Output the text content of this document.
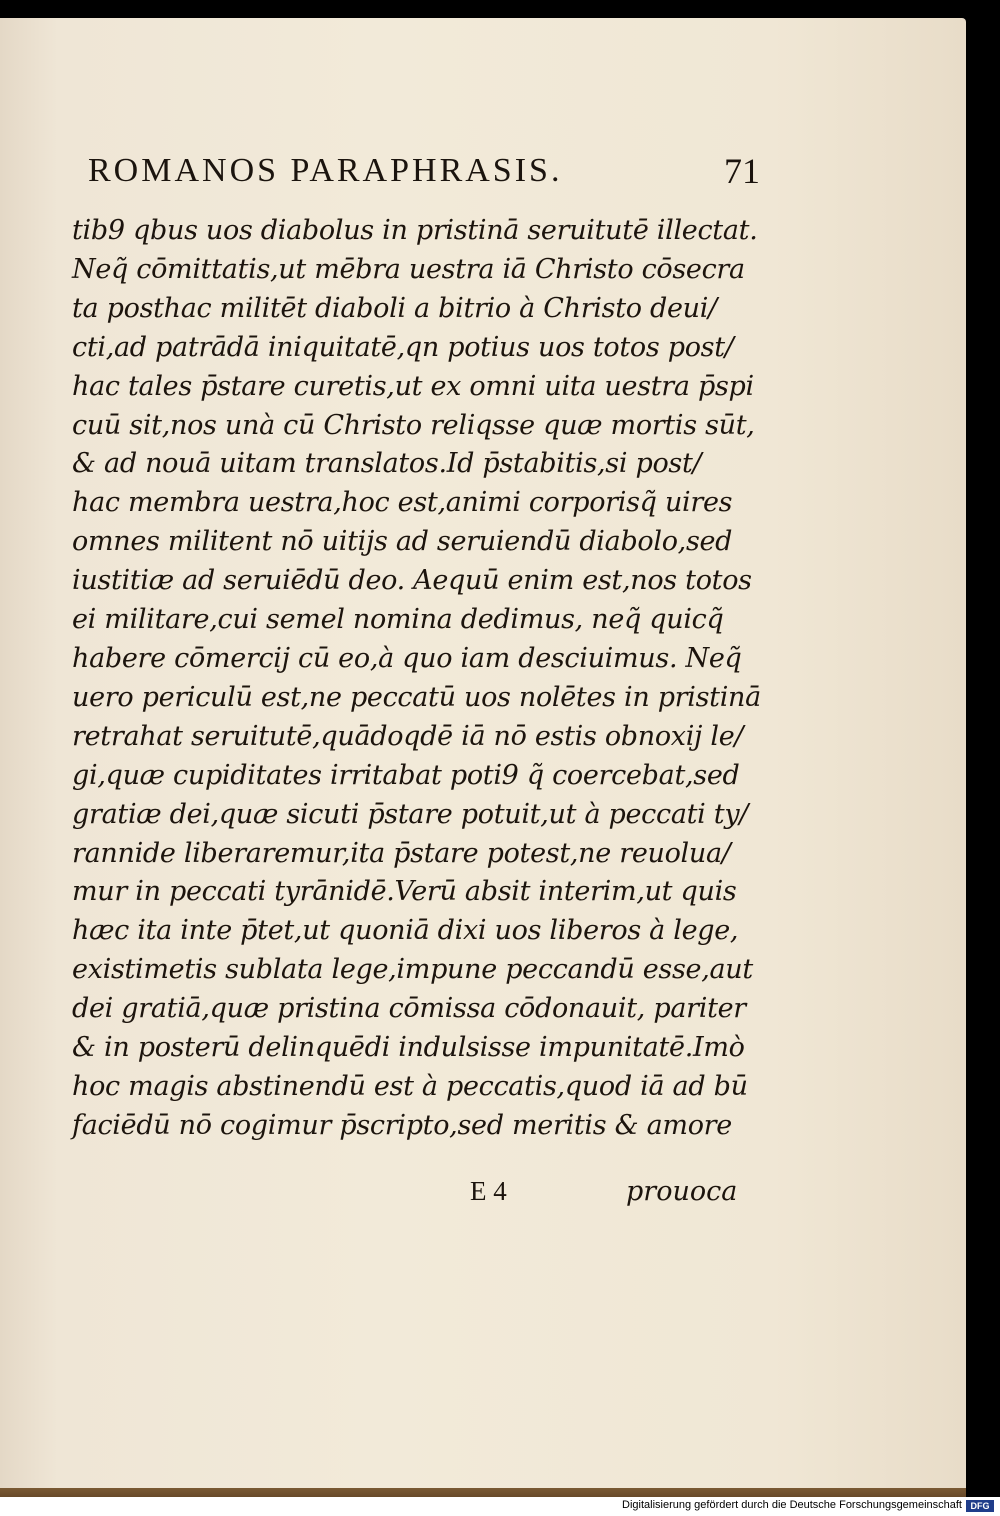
ROMANOS PARAPHRASIS.	71
tib9 qbus uos diabolus in pristinā seruitutē illectat.
Neq̃ cōmittatis,ut mēbra uestra iā Christo cōsecra
ta posthac militēt diaboli a bitrio à Christo deui/
cti,ad patrādā iniquitatē,qn potius uos totos post/
hac tales p̄stare curetis,ut ex omni uita uestra p̄spi
cuū sit,nos unà cū Christo reliqsse quæ mortis sūt,
& ad nouā uitam translatos.Id p̄stabitis,si post/
hac membra uestra,hoc est,animi corporisq̃ uires
omnes militent nō uitijs ad seruiendū diabolo,sed
iustitiæ ad seruiēdū deo. Aequū enim est,nos totos
ei militare,cui semel nomina dedimus, neq̃ quicq̃
habere cōmercij cū eo,à quo iam desciuimus. Neq̃
uero periculū est,ne peccatū uos nolētes in pristinā
retrahat seruitutē,quādoqdē iā nō estis obnoxij le/
gi,quæ cupiditates irritabat poti9 q̃ coercebat,sed
gratiæ dei,quæ sicuti p̄stare potuit,ut à peccati ty/
rannide liberaremur,ita p̄stare potest,ne reuolua/
mur in peccati tyrānidē.Verū absit interim,ut quis
hæc ita inte p̄tet,ut quoniā dixi uos liberos à lege,
existimetis sublata lege,impune peccandū esse,aut
dei gratiā,quæ pristina cōmissa cōdonauit, pariter
& in posterū delinquēdi indulsisse impunitatē.Imò
hoc magis abstinendū est à peccatis,quod iā ad bū
faciēdū nō cogimur p̄scripto,sed meritis & amore
E 4	prouoca
Digitalisierung gefördert durch die Deutsche Forschungsgemeinschaft DFG
